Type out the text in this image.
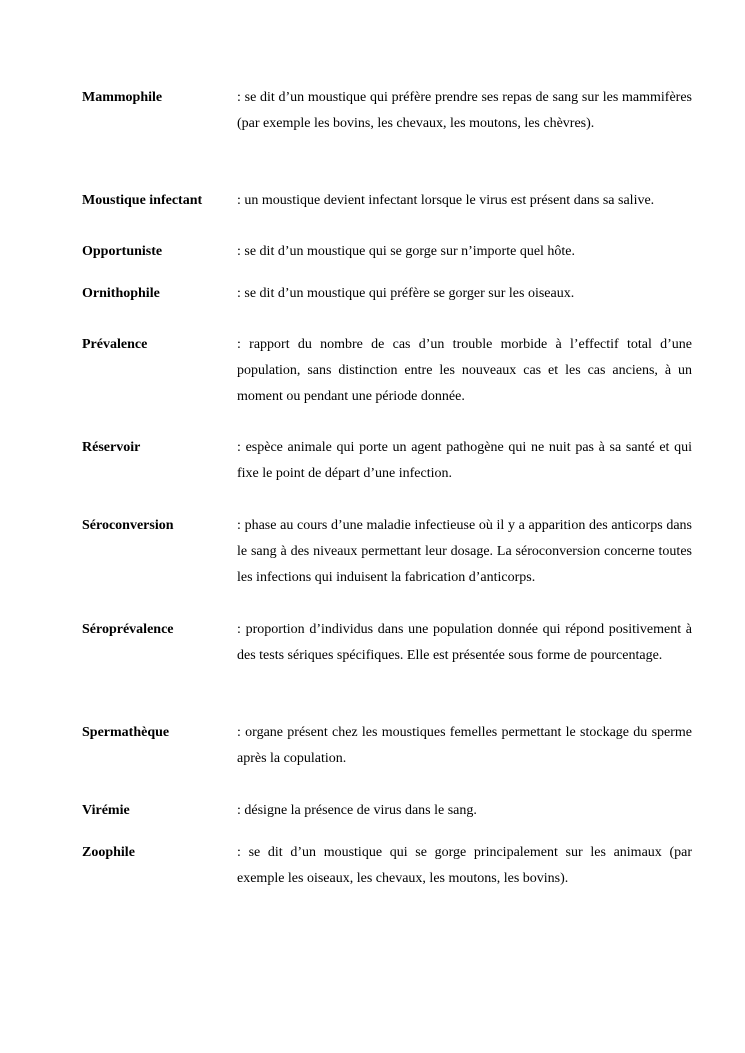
Mammophile	: se dit d’un moustique qui préfère prendre ses repas de sang sur les mammifères (par exemple les bovins, les chevaux, les moutons, les chèvres).
Moustique infectant	: un moustique devient infectant lorsque le virus est présent dans sa salive.
Opportuniste	: se dit d’un moustique qui se gorge sur n’importe quel hôte.
Ornithophile	: se dit d’un moustique qui préfère se gorger sur les oiseaux.
Prévalence	: rapport du nombre de cas d’un trouble morbide à l’effectif total d’une population, sans distinction entre les nouveaux cas et les cas anciens, à un moment ou pendant une période donnée.
Réservoir	: espèce animale qui porte un agent pathogène qui ne nuit pas à sa santé et qui fixe le point de départ d’une infection.
Séroconversion	: phase au cours d’une maladie infectieuse où il y a apparition des anticorps dans le sang à des niveaux permettant leur dosage. La séroconversion concerne toutes les infections qui induisent la fabrication d’anticorps.
Séroprévalence	: proportion d’individus dans une population donnée qui répond positivement à des tests sériques spécifiques. Elle est présentée sous forme de pourcentage.
Spermathèque	: organe présent chez les moustiques femelles permettant le stockage du sperme après la copulation.
Virémie	: désigne la présence de virus dans le sang.
Zoophile	: se dit d’un moustique qui se gorge principalement sur les animaux (par exemple les oiseaux, les chevaux, les moutons, les bovins).
